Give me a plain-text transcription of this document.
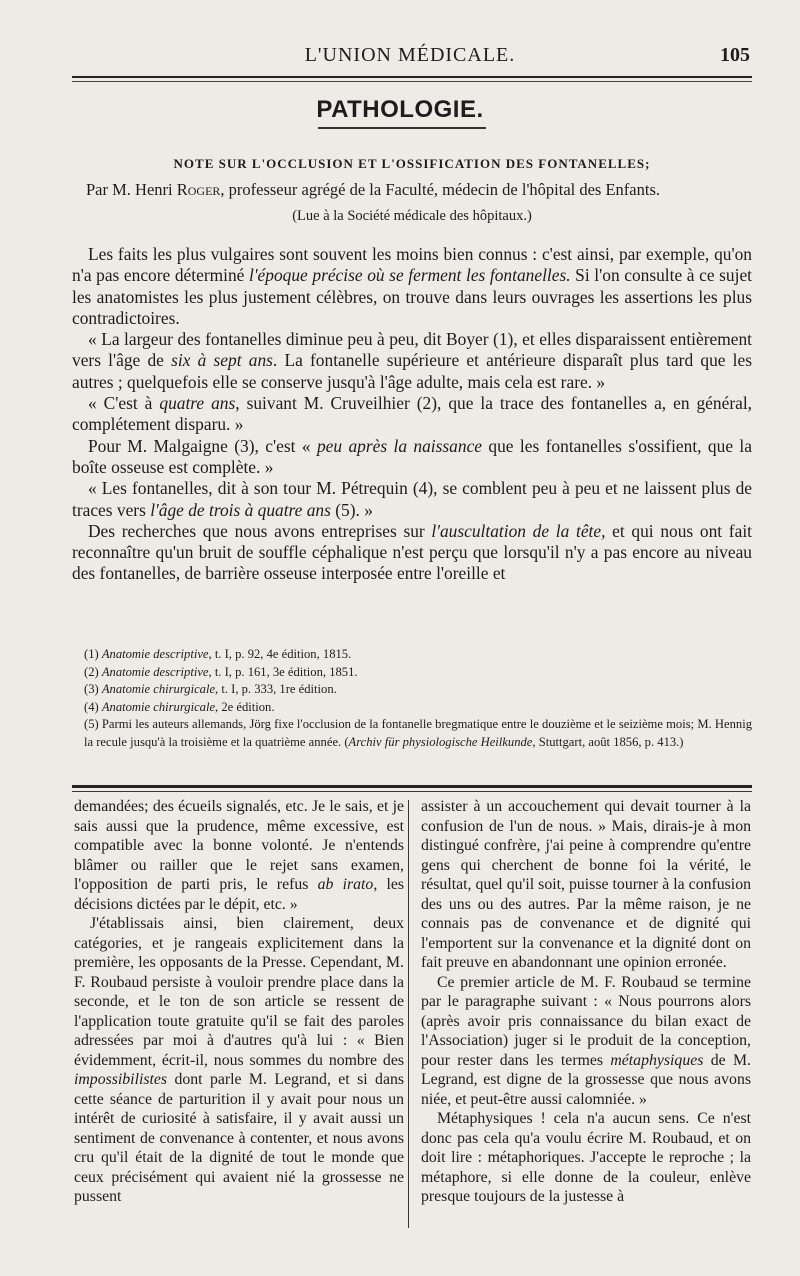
L'UNION MÉDICALE.	105
PATHOLOGIE.
NOTE SUR L'OCCLUSION ET L'OSSIFICATION DES FONTANELLES;
Par M. Henri Roger, professeur agrégé de la Faculté, médecin de l'hôpital des Enfants.
(Lue à la Société médicale des hôpitaux.)

Les faits les plus vulgaires sont souvent les moins bien connus : c'est ainsi, par exemple, qu'on n'a pas encore déterminé l'époque précise où se ferment les fontanelles. Si l'on consulte à ce sujet les anatomistes les plus justement célèbres, on trouve dans leurs ouvrages les assertions les plus contradictoires.

« La largeur des fontanelles diminue peu à peu, dit Boyer (1), et elles disparaissent entièrement vers l'âge de six à sept ans. La fontanelle supérieure et antérieure disparaît plus tard que les autres ; quelquefois elle se conserve jusqu'à l'âge adulte, mais cela est rare. »

« C'est à quatre ans, suivant M. Cruveilhier (2), que la trace des fontanelles a, en général, complétement disparu. »

Pour M. Malgaigne (3), c'est « peu après la naissance que les fontanelles s'ossifient, que la boîte osseuse est complète. »

« Les fontanelles, dit à son tour M. Pétrequin (4), se comblent peu à peu et ne laissent plus de traces vers l'âge de trois à quatre ans (5). »

Des recherches que nous avons entreprises sur l'auscultation de la tête, et qui nous ont fait reconnaître qu'un bruit de souffle céphalique n'est perçu que lorsqu'il n'y a pas encore au niveau des fontanelles, de barrière osseuse interposée entre l'oreille et

(1) Anatomie descriptive, t. I, p. 92, 4e édition, 1815.

(2) Anatomie descriptive, t. I, p. 161, 3e édition, 1851.

(3) Anatomie chirurgicale, t. I, p. 333, 1re édition.

(4) Anatomie chirurgicale, 2e édition.

(5) Parmi les auteurs allemands, Jörg fixe l'occlusion de la fontanelle bregmatique entre le douzième et le seizième mois; M. Hennig la recule jusqu'à la troisième et la quatrième année. (Archiv für physiologische Heilkunde, Stuttgart, août 1856, p. 413.)

demandées; des écueils signalés, etc. Je le sais, et je sais aussi que la prudence, même excessive, est compatible avec la bonne volonté. Je n'entends blâmer ou railler que le rejet sans examen, l'opposition de parti pris, le refus ab irato, les décisions dictées par le dépit, etc. »

J'établissais ainsi, bien clairement, deux catégories, et je rangeais explicitement dans la première, les opposants de la Presse. Cependant, M. F. Roubaud persiste à vouloir prendre place dans la seconde, et le ton de son article se ressent de l'application toute gratuite qu'il se fait des paroles adressées par moi à d'autres qu'à lui : « Bien évidemment, écrit-il, nous sommes du nombre des impossibilistes dont parle M. Legrand, et si dans cette séance de parturition il y avait pour nous un intérêt de curiosité à satisfaire, il y avait aussi un sentiment de convenance à contenter, et nous avons cru qu'il était de la dignité de tout le monde que ceux précisément qui avaient nié la grossesse ne pussent

assister à un accouchement qui devait tourner à la confusion de l'un de nous. » Mais, dirais-je à mon distingué confrère, j'ai peine à comprendre qu'entre gens qui cherchent de bonne foi la vérité, le résultat, quel qu'il soit, puisse tourner à la confusion des uns ou des autres. Par la même raison, je ne connais pas de convenance et de dignité qui l'emportent sur la convenance et la dignité dont on fait preuve en abandonnant une opinion erronée.

Ce premier article de M. F. Roubaud se termine par le paragraphe suivant : « Nous pourrons alors (après avoir pris connaissance du bilan exact de l'Association) juger si le produit de la conception, pour rester dans les termes métaphysiques de M. Legrand, est digne de la grossesse que nous avons niée, et peut-être aussi calomniée. »

Métaphysiques ! cela n'a aucun sens. Ce n'est donc pas cela qu'a voulu écrire M. Roubaud, et on doit lire : métaphoriques. J'accepte le reproche ; la métaphore, si elle donne de la couleur, enlève presque toujours de la justesse à
